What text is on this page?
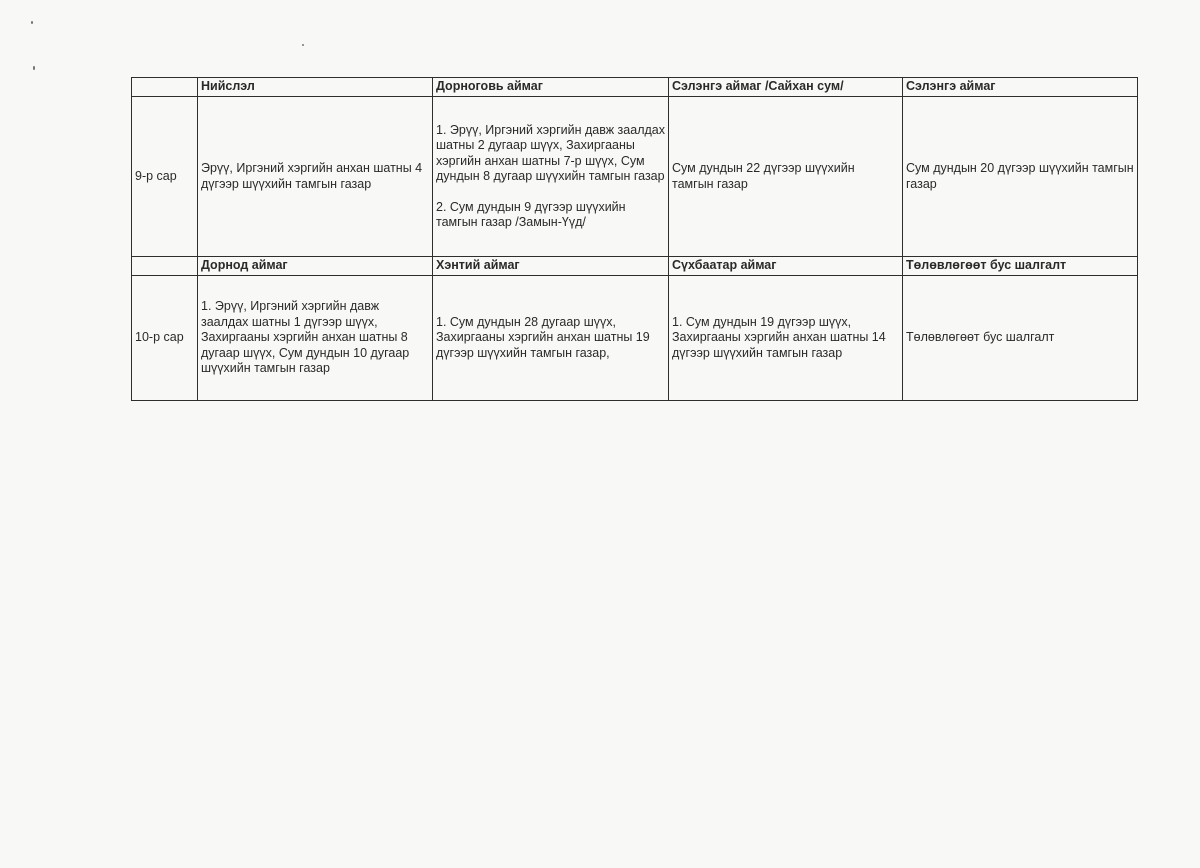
	Нийслэл	Дорноговь аймаг	Сэлэнгэ аймаг /Сайхан сум/	Сэлэнгэ аймаг
9-р сар	Эрүү, Иргэний хэргийн анхан шатны 4 дүгээр шүүхийн тамгын газар	1. Эрүү, Иргэний хэргийн давж заалдах шатны 2 дугаар шүүх, Захиргааны хэргийн анхан шатны 7-р шүүх, Сум дундын 8 дугаар шүүхийн тамгын газар
2. Сум дундын 9 дүгээр шүүхийн тамгын газар /Замын-Үүд/	Сум дундын 22 дүгээр шүүхийн тамгын газар	Сум дундын 20 дүгээр шүүхийн тамгын газар
	Дорнод аймаг	Хэнтий аймаг	Сүхбаатар аймаг	Төлөвлөгөөт бус шалгалт
10-р сар	1. Эрүү, Иргэний хэргийн давж заалдах шатны 1 дүгээр шүүх, Захиргааны хэргийн анхан шатны 8 дугаар шүүх, Сум дундын 10 дугаар шүүхийн тамгын газар	1. Сум дундын 28 дугаар шүүх, Захиргааны хэргийн анхан шатны 19 дүгээр шүүхийн тамгын газар,	1. Сум дундын 19 дүгээр шүүх, Захиргааны хэргийн анхан шатны 14 дүгээр шүүхийн тамгын газар	Төлөвлөгөөт бус шалгалт
